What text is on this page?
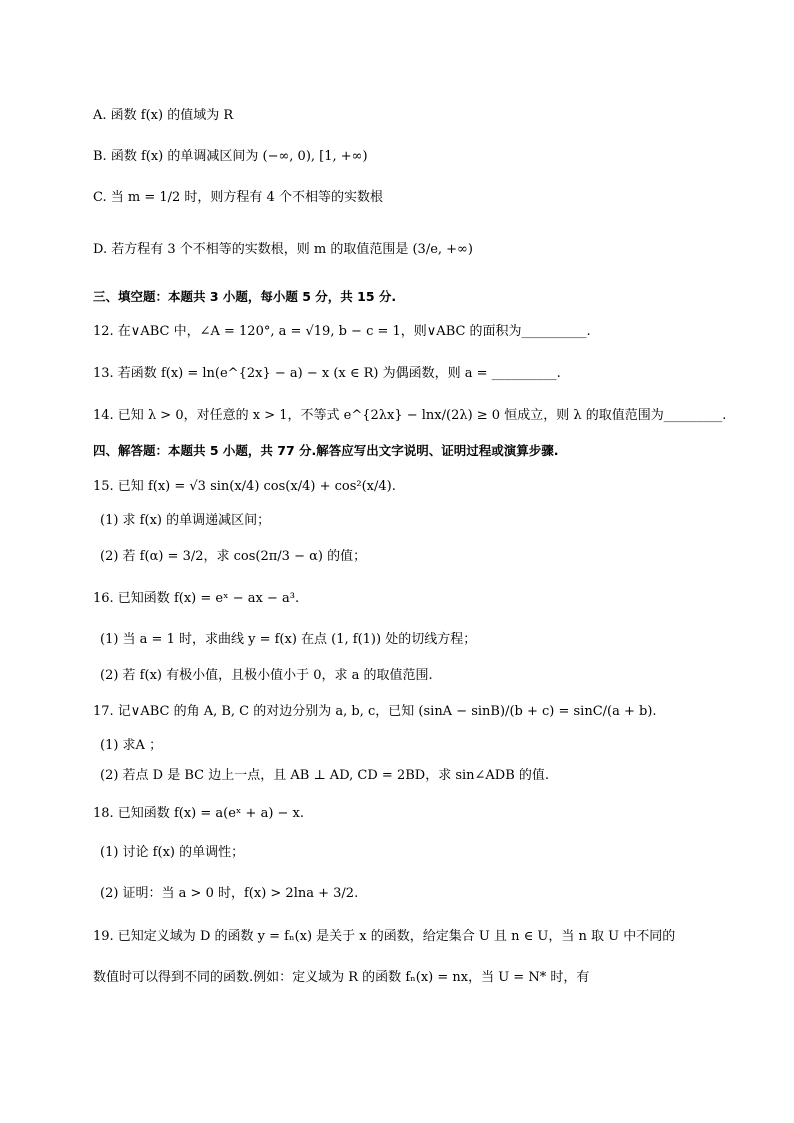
A. 函数 f(x) 的值域为 R
B. 函数 f(x) 的单调减区间为 (−∞, 0), [1, +∞)
C. 当 m = 1/2 时，则方程有 4 个不相等的实数根
D. 若方程有 3 个不相等的实数根，则 m 的取值范围是 (3/e, +∞)
三、填空题：本题共 3 小题，每小题 5 分，共 15 分.
12. 在∨ABC 中，∠A = 120°, a = √19, b − c = 1，则∨ABC 的面积为__________.
13. 若函数 f(x) = ln(e^{2x} − a) − x (x ∈ R) 为偶函数，则 a = __________.
14. 已知 λ > 0，对任意的 x > 1，不等式 e^{2λx} − lnx/(2λ) ≥ 0 恒成立，则 λ 的取值范围为_________.
四、解答题：本题共 5 小题，共 77 分.解答应写出文字说明、证明过程或演算步骤.
15. 已知 f(x) = √3 sin(x/4) cos(x/4) + cos²(x/4).
(1) 求 f(x) 的单调递减区间；
(2) 若 f(α) = 3/2，求 cos(2π/3 − α) 的值；
16. 已知函数 f(x) = eˣ − ax − a³.
(1) 当 a = 1 时，求曲线 y = f(x) 在点 (1, f(1)) 处的切线方程；
(2) 若 f(x) 有极小值，且极小值小于 0，求 a 的取值范围.
17. 记∨ABC 的角 A, B, C 的对边分别为 a, b, c，已知 (sinA − sinB)/(b + c) = sinC/(a + b).
(1) 求A ；
(2) 若点 D 是 BC 边上一点，且 AB ⊥ AD, CD = 2BD，求 sin∠ADB 的值.
18. 已知函数 f(x) = a(eˣ + a) − x.
(1) 讨论 f(x) 的单调性；
(2) 证明：当 a > 0 时，f(x) > 2lna + 3/2.
19. 已知定义域为 D 的函数 y = fₙ(x) 是关于 x 的函数，给定集合 U 且 n ∈ U，当 n 取 U 中不同的
数值时可以得到不同的函数.例如：定义域为 R 的函数 fₙ(x) = nx，当 U = N* 时，有
